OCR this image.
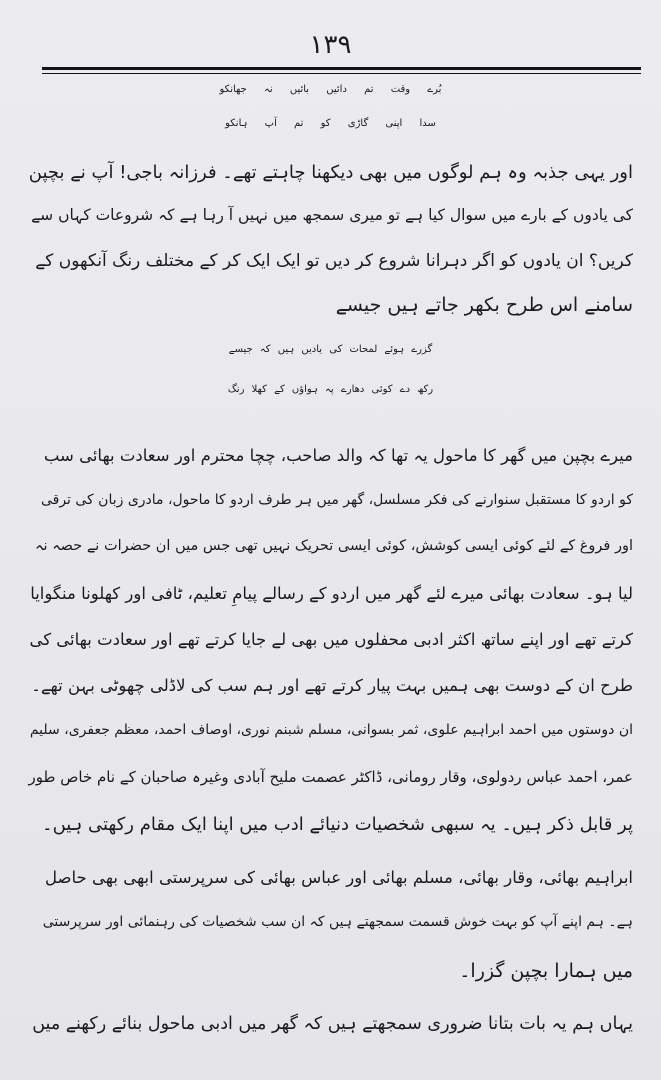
۱۳۹
بُرے وقت تم دائیں بائیں نہ جھانکو
سدا اپنی گاڑی کو تم آپ ہانکو
اور یہی جذبہ وہ ہم لوگوں میں بھی دیکھنا چاہتے تھے۔ فرزانہ باجی! آپ نے بچپن
کی یادوں کے بارے میں سوال کیا ہے تو میری سمجھ میں نہیں آ رہا ہے کہ شروعات کہاں سے
کریں؟ ان یادوں کو اگر دہرانا شروع کر دیں تو ایک ایک کر کے مختلف رنگ آنکھوں کے
سامنے اس طرح بکھر جاتے ہیں جیسے
گزرے ہوئے لمحات کی یادیں ہیں کہ جیسے
رکھ دے کوئی دھارے پہ ہواؤں کے کھلا رنگ
میرے بچپن میں گھر کا ماحول یہ تھا کہ والد صاحب، چچا محترم اور سعادت بھائی سب
کو اردو کا مستقبل سنوارنے کی فکر مسلسل، گھر میں ہر طرف اردو کا ماحول، مادری زبان کی ترقی
اور فروغ کے لئے کوئی ایسی کوشش، کوئی ایسی تحریک نہیں تھی جس میں ان حضرات نے حصہ نہ
لیا ہو۔ سعادت بھائی میرے لئے گھر میں اردو کے رسالے پیامِ تعلیم، ٹافی اور کھلونا منگوایا
کرتے تھے اور اپنے ساتھ اکثر ادبی محفلوں میں بھی لے جایا کرتے تھے اور سعادت بھائی کی
طرح ان کے دوست بھی ہمیں بہت پیار کرتے تھے اور ہم سب کی لاڈلی چھوٹی بہن تھے۔
ان دوستوں میں احمد ابراہیم علوی، ثمر بسوانی، مسلم شبنم نوری، اوصاف احمد، معظم جعفری، سلیم
عمر، احمد عباس ردولوی، وقار رومانی، ڈاکٹر عصمت ملیح آبادی وغیرہ صاحبان کے نام خاص طور
پر قابل ذکر ہیں۔ یہ سبھی شخصیات دنیائے ادب میں اپنا ایک مقام رکھتی ہیں۔
ابراہیم بھائی، وقار بھائی، مسلم بھائی اور عباس بھائی کی سرپرستی ابھی بھی حاصل
ہے۔ ہم اپنے آپ کو بہت خوش قسمت سمجھتے ہیں کہ ان سب شخصیات کی رہنمائی اور سرپرستی
میں ہمارا بچپن گزرا۔
یہاں ہم یہ بات بتانا ضروری سمجھتے ہیں کہ گھر میں ادبی ماحول بنائے رکھنے میں
